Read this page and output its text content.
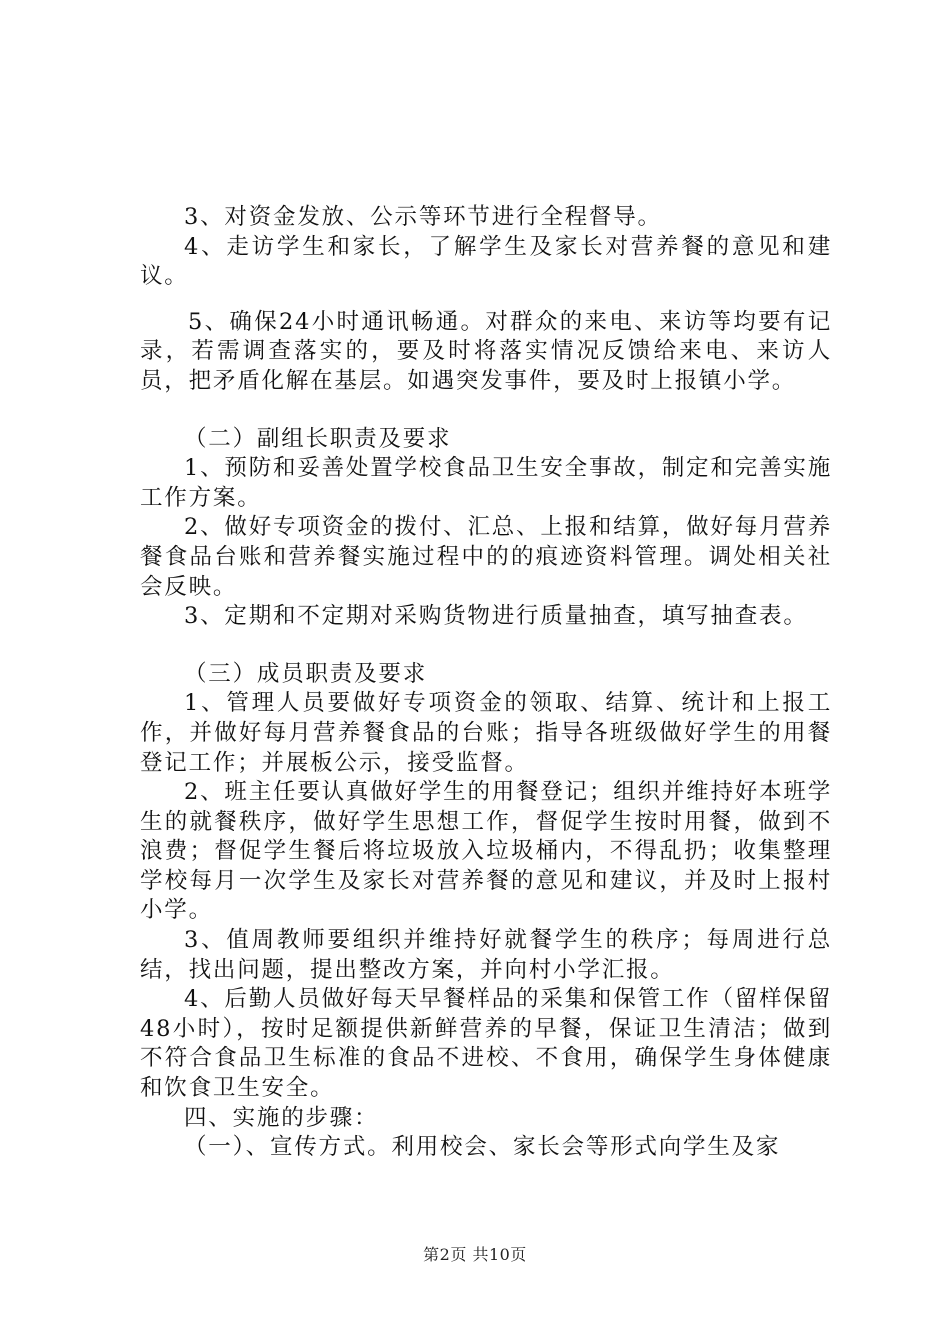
3、对资金发放、公示等环节进行全程督导。

4、走访学生和家长，了解学生及家长对营养餐的意见和建议。

5、确保24小时通讯畅通。对群众的来电、来访等均要有记录，若需调查落实的，要及时将落实情况反馈给来电、来访人员，把矛盾化解在基层。如遇突发事件，要及时上报镇小学。

（二）副组长职责及要求

1、预防和妥善处置学校食品卫生安全事故，制定和完善实施工作方案。

2、做好专项资金的拨付、汇总、上报和结算，做好每月营养餐食品台账和营养餐实施过程中的的痕迹资料管理。调处相关社会反映。

3、定期和不定期对采购货物进行质量抽查，填写抽查表。

（三）成员职责及要求

1、管理人员要做好专项资金的领取、结算、统计和上报工作，并做好每月营养餐食品的台账；指导各班级做好学生的用餐登记工作；并展板公示，接受监督。

2、班主任要认真做好学生的用餐登记；组织并维持好本班学生的就餐秩序，做好学生思想工作，督促学生按时用餐，做到不浪费；督促学生餐后将垃圾放入垃圾桶内，不得乱扔；收集整理学校每月一次学生及家长对营养餐的意见和建议，并及时上报村小学。

3、值周教师要组织并维持好就餐学生的秩序；每周进行总结，找出问题，提出整改方案，并向村小学汇报。

4、后勤人员做好每天早餐样品的采集和保管工作（留样保留48小时），按时足额提供新鲜营养的早餐，保证卫生清洁；做到不符合食品卫生标准的食品不进校、不食用，确保学生身体健康和饮食卫生安全。

四、实施的步骤：

（一）、宣传方式。利用校会、家长会等形式向学生及家

第2页 共10页
